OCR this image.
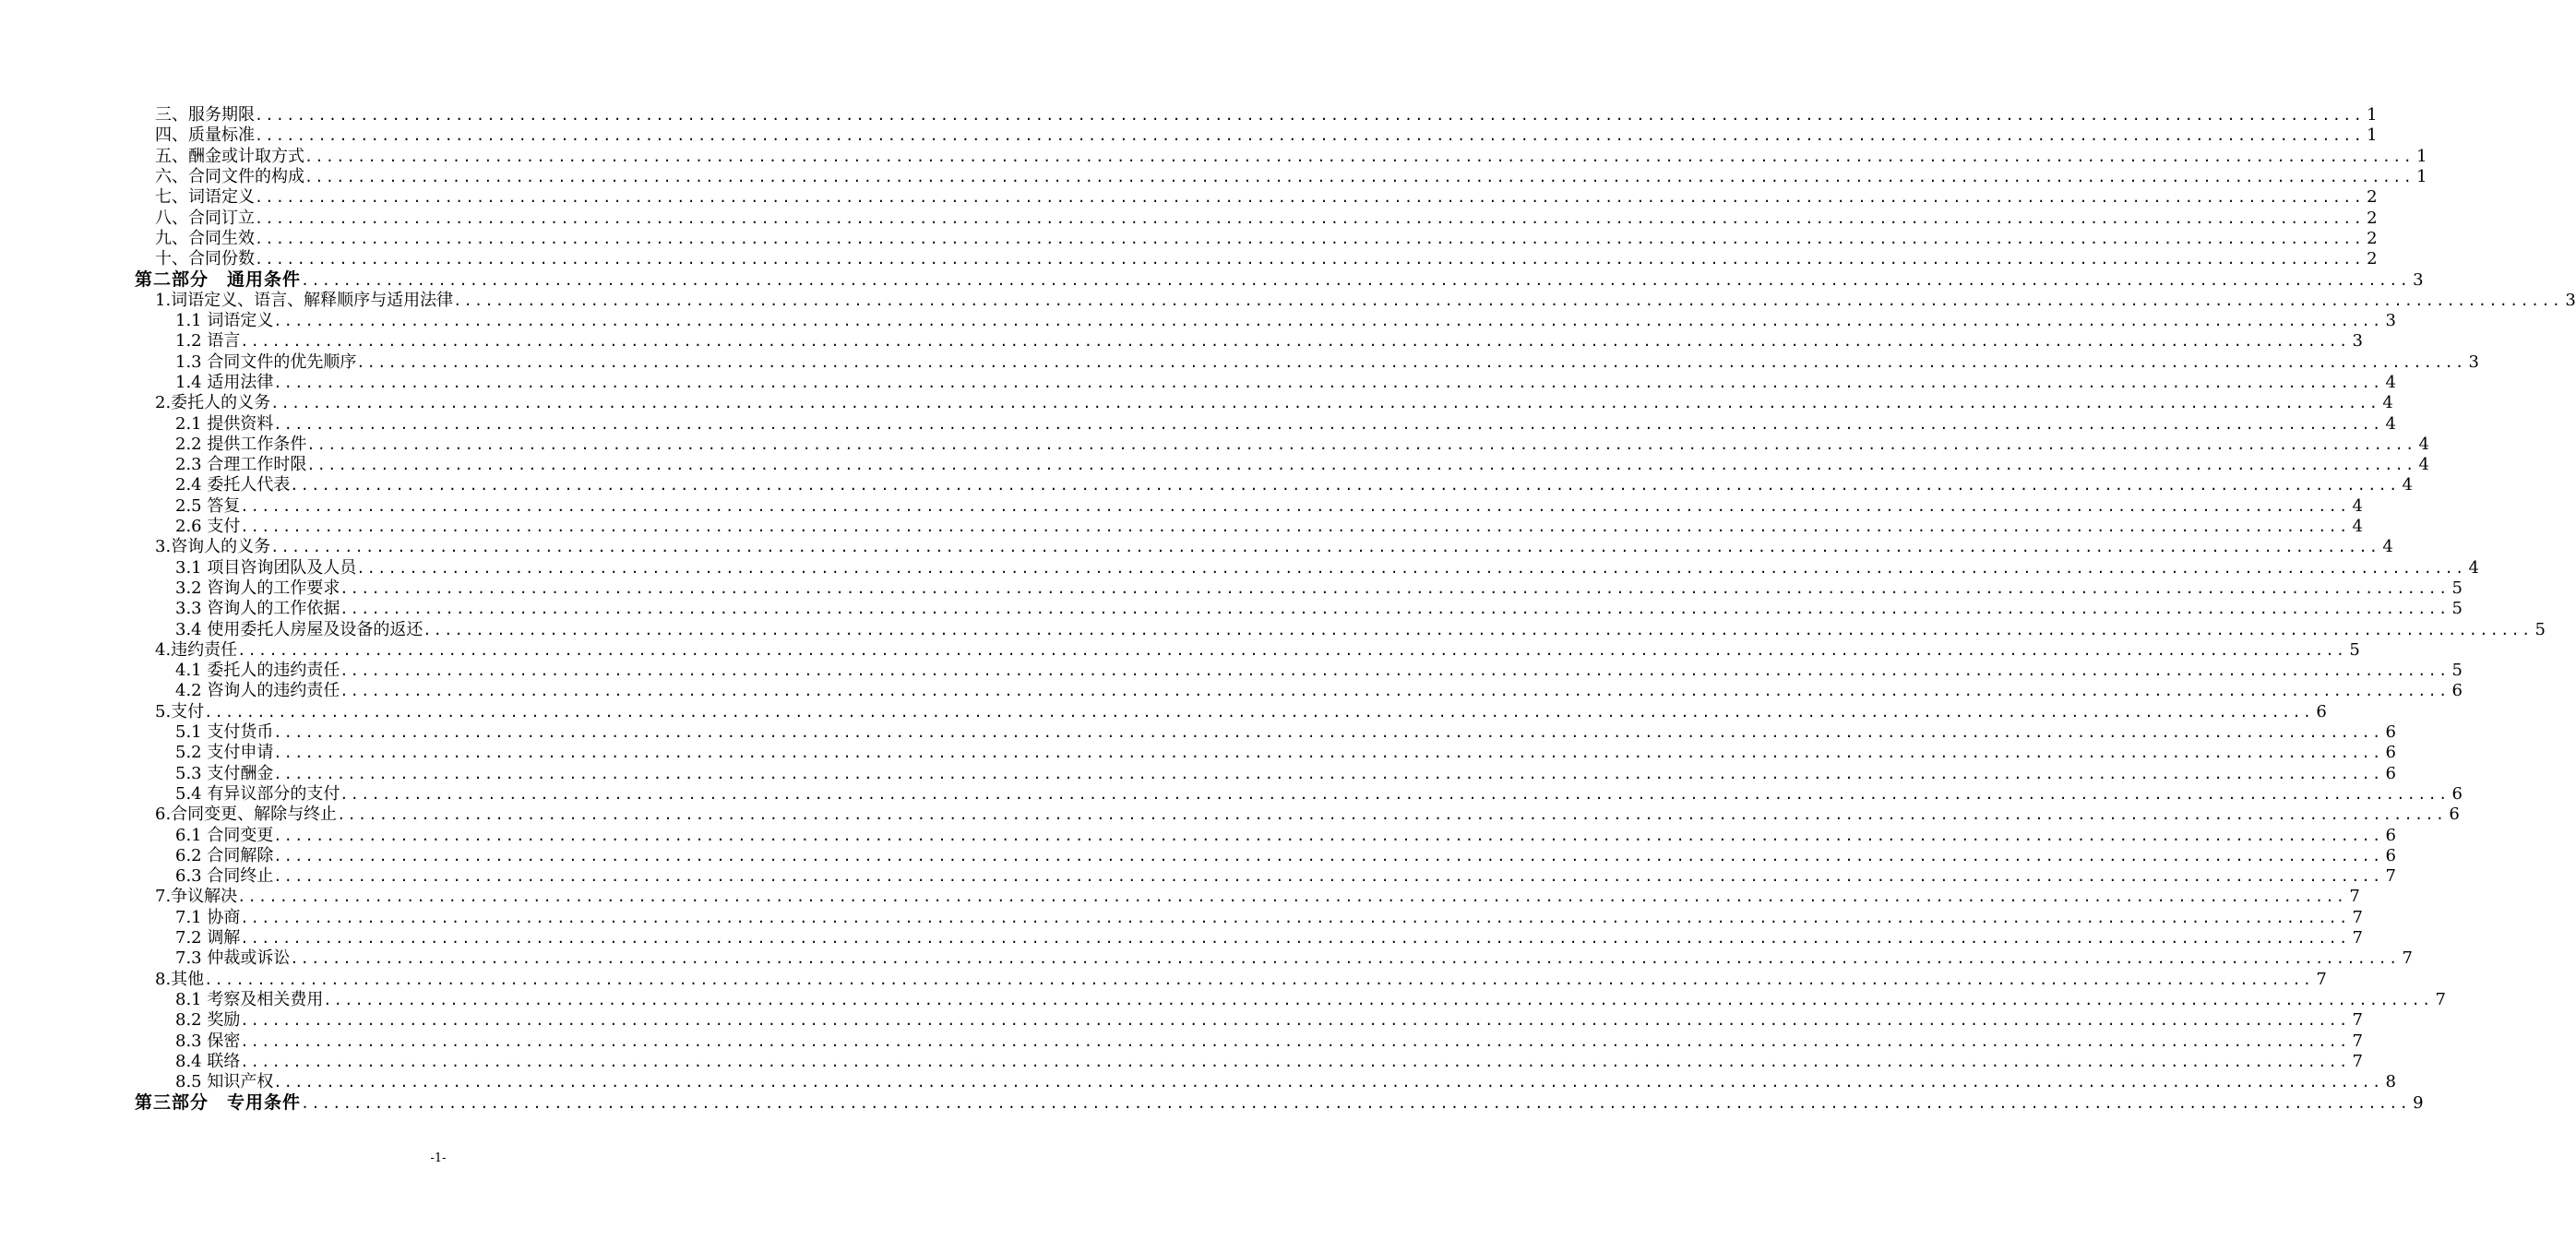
三、服务期限 ........................................................................................................................................................................................................ 1
四、质量标准 ........................................................................................................................................................................................................ 1
五、酬金或计取方式 ........................................................................................................................................................................................................ 1
六、合同文件的构成 ........................................................................................................................................................................................................ 1
七、词语定义 ........................................................................................................................................................................................................ 2
八、合同订立 ........................................................................................................................................................................................................ 2
九、合同生效 ........................................................................................................................................................................................................ 2
十、合同份数 ........................................................................................................................................................................................................ 2
第二部分　通用条件 ........................................................................................................................................................................................................ 3
1.词语定义、语言、解释顺序与适用法律 ........................................................................................................................................................................................................ 3
1.1 词语定义 ........................................................................................................................................................................................................ 3
1.2 语言 ........................................................................................................................................................................................................ 3
1.3 合同文件的优先顺序 ........................................................................................................................................................................................................ 3
1.4 适用法律 ........................................................................................................................................................................................................ 4
2.委托人的义务 ........................................................................................................................................................................................................ 4
2.1 提供资料 ........................................................................................................................................................................................................ 4
2.2 提供工作条件 ........................................................................................................................................................................................................ 4
2.3 合理工作时限 ........................................................................................................................................................................................................ 4
2.4 委托人代表 ........................................................................................................................................................................................................ 4
2.5 答复 ........................................................................................................................................................................................................ 4
2.6 支付 ........................................................................................................................................................................................................ 4
3.咨询人的义务 ........................................................................................................................................................................................................ 4
3.1 项目咨询团队及人员 ........................................................................................................................................................................................................ 4
3.2 咨询人的工作要求 ........................................................................................................................................................................................................ 5
3.3 咨询人的工作依据 ........................................................................................................................................................................................................ 5
3.4 使用委托人房屋及设备的返还 ........................................................................................................................................................................................................ 5
4.违约责任 ........................................................................................................................................................................................................ 5
4.1 委托人的违约责任 ........................................................................................................................................................................................................ 5
4.2 咨询人的违约责任 ........................................................................................................................................................................................................ 6
5.支付 ........................................................................................................................................................................................................ 6
5.1 支付货币 ........................................................................................................................................................................................................ 6
5.2 支付申请 ........................................................................................................................................................................................................ 6
5.3 支付酬金 ........................................................................................................................................................................................................ 6
5.4 有异议部分的支付 ........................................................................................................................................................................................................ 6
6.合同变更、解除与终止 ........................................................................................................................................................................................................ 6
6.1 合同变更 ........................................................................................................................................................................................................ 6
6.2 合同解除 ........................................................................................................................................................................................................ 6
6.3 合同终止 ........................................................................................................................................................................................................ 7
7.争议解决 ........................................................................................................................................................................................................ 7
7.1 协商 ........................................................................................................................................................................................................ 7
7.2 调解 ........................................................................................................................................................................................................ 7
7.3 仲裁或诉讼 ........................................................................................................................................................................................................ 7
8.其他 ........................................................................................................................................................................................................ 7
8.1 考察及相关费用 ........................................................................................................................................................................................................ 7
8.2 奖励 ........................................................................................................................................................................................................ 7
8.3 保密 ........................................................................................................................................................................................................ 7
8.4 联络 ........................................................................................................................................................................................................ 7
8.5 知识产权 ........................................................................................................................................................................................................ 8
第三部分　专用条件 ........................................................................................................................................................................................................ 9
-1-
